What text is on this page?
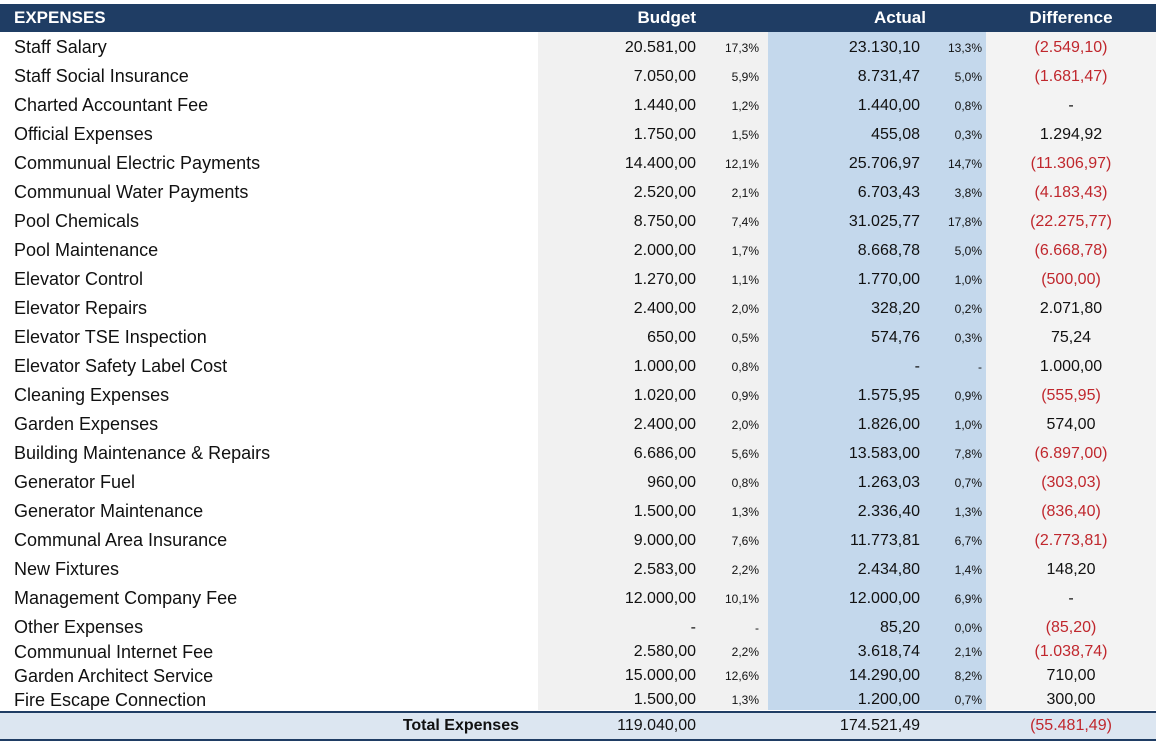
EXPENSES	Budget	Actual	Difference
Staff Salary	20.581,00 17,3%	23.130,10 13,3%	(2.549,10)
Staff Social Insurance	7.050,00	5,9%	8.731,47	5,0%	(1.681,47)
Charted Accountant Fee	1.440,00	1,2%	1.440,00	0,8%	-
Official Expenses	1.750,00	1,5%	455,08	0,3%	1.294,92
Communual Electric Payments	14.400,00 12,1%	25.706,97 14,7%	(11.306,97)
Communual Water Payments	2.520,00	2,1%	6.703,43	3,8%	(4.183,43)
Pool Chemicals	8.750,00	7,4%	31.025,77 17,8%	(22.275,77)
Pool Maintenance	2.000,00	1,7%	8.668,78	5,0%	(6.668,78)
Elevator Control	1.270,00	1,1%	1.770,00	1,0%	(500,00)
Elevator Repairs	2.400,00	2,0%	328,20	0,2%	2.071,80
Elevator TSE Inspection	650,00	0,5%	574,76	0,3%	75,24
Elevator Safety Label Cost	1.000,00	0,8%	-	-	1.000,00
Cleaning Expenses	1.020,00	0,9%	1.575,95	0,9%	(555,95)
Garden Expenses	2.400,00	2,0%	1.826,00	1,0%	574,00
Building Maintenance & Repairs	6.686,00	5,6%	13.583,00	7,8%	(6.897,00)
Generator Fuel	960,00	0,8%	1.263,03	0,7%	(303,03)
Generator Maintenance	1.500,00	1,3%	2.336,40	1,3%	(836,40)
Communal Area Insurance	9.000,00	7,6%	11.773,81	6,7%	(2.773,81)
New Fixtures	2.583,00	2,2%	2.434,80	1,4%	148,20
Management Company Fee	12.000,00 10,1%	12.000,00	6,9%	-
Other Expenses	-	-	85,20	0,0%	(85,20)
Communual Internet Fee	2.580,00	2,2%	3.618,74	2,1%	(1.038,74)
Garden Architect Service	15.000,00 12,6%	14.290,00	8,2%	710,00
Fire Escape Connection	1.500,00	1,3%	1.200,00	0,7%	300,00
Total Expenses	119.040,00	174.521,49	(55.481,49)
